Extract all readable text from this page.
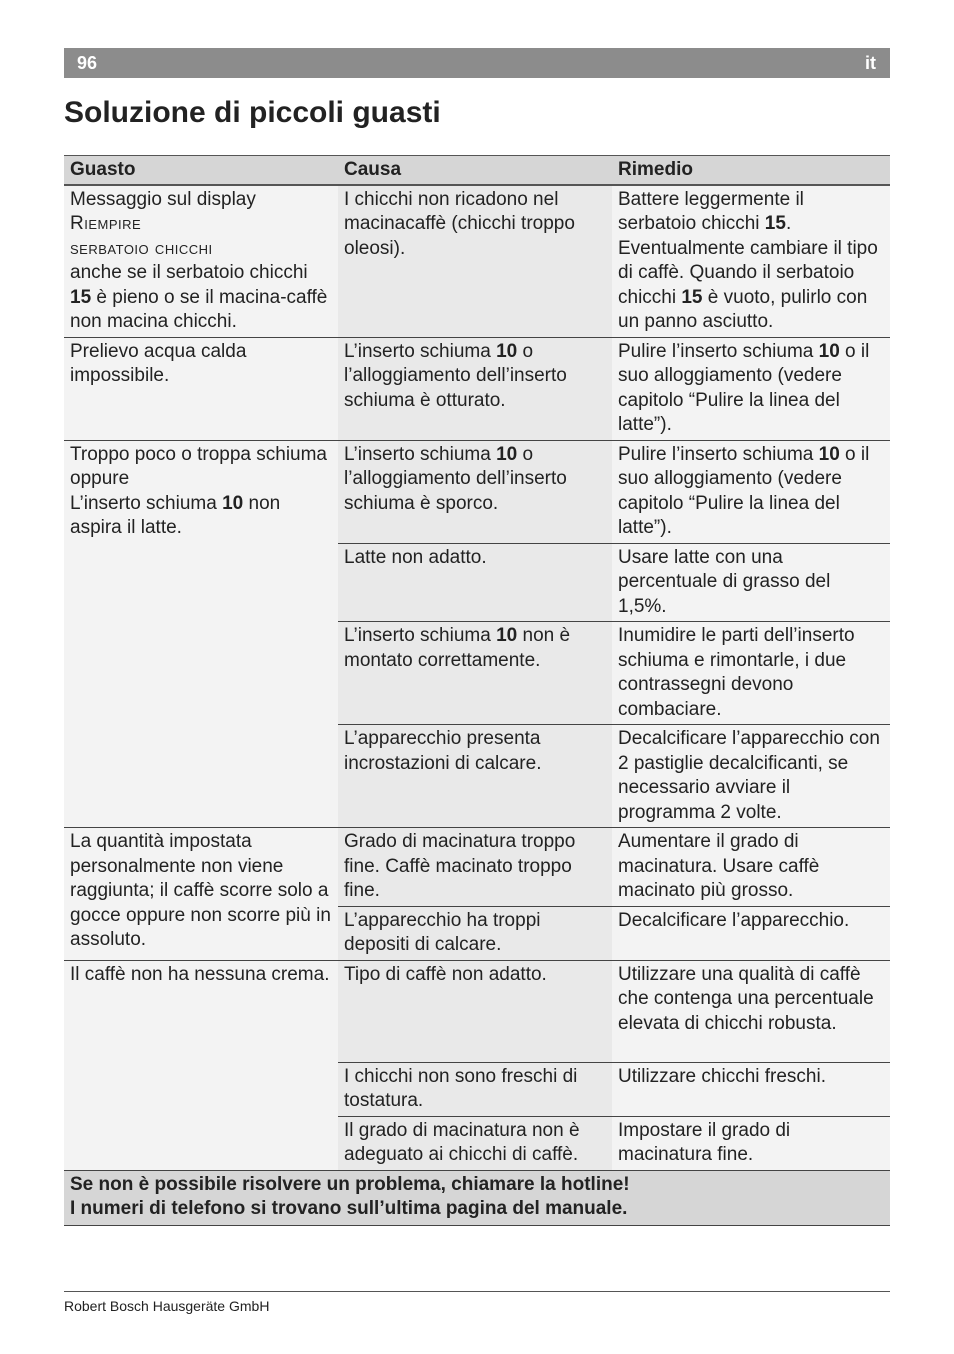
96	it
Soluzione di piccoli guasti
Guasto	Causa	Rimedio
Messaggio sul display
Riempire
serbatoio chicchi
anche se il serbatoio chicchi 15 è pieno o se il macina-caffè non macina chicchi.	I chicchi non ricadono nel macinacaffè (chicchi troppo oleosi).	Battere leggermente il serbatoio chicchi 15. Eventualmente cambiare il tipo di caffè. Quando il serbatoio chicchi 15 è vuoto, pulirlo con un panno asciutto.
Prelievo acqua calda impossibile.	L’inserto schiuma 10 o l’alloggiamento dell’inserto schiuma è otturato.	Pulire l’inserto schiuma 10 o il suo alloggiamento (vedere capitolo “Pulire la linea del latte”).
Troppo poco o troppa schiuma
oppure
L’inserto schiuma 10 non aspira il latte.	L’inserto schiuma 10 o l’alloggiamento dell’inserto schiuma è sporco.	Pulire l’inserto schiuma 10 o il suo alloggiamento (vedere capitolo “Pulire la linea del latte”).
	Latte non adatto.	Usare latte con una percentuale di grasso del 1,5%.
	L’inserto schiuma 10 non è montato correttamente.	Inumidire le parti dell’inserto schiuma e rimontarle, i due contrassegni devono combaciare.
	L’apparecchio presenta incrostazioni di calcare.	Decalcificare l’apparecchio con 2 pastiglie decalcificanti, se necessario avviare il programma 2 volte.
La quantità impostata personalmente non viene raggiunta; il caffè scorre solo a gocce oppure non scorre più in assoluto.	Grado di macinatura troppo fine. Caffè macinato troppo fine.	Aumentare il grado di macinatura. Usare caffè macinato più grosso.
	L’apparecchio ha troppi depositi di calcare.	Decalcificare l’apparecchio.
Il caffè non ha nessuna crema.	Tipo di caffè non adatto.	Utilizzare una qualità di caffè che contenga una percentuale elevata di chicchi robusta.
	I chicchi non sono freschi di tostatura.	Utilizzare chicchi freschi.
	Il grado di macinatura non è adeguato ai chicchi di caffè.	Impostare il grado di macinatura fine.
Se non è possibile risolvere un problema, chiamare la hotline!
I numeri di telefono si trovano sull’ultima pagina del manuale.		
Robert Bosch Hausgeräte GmbH
